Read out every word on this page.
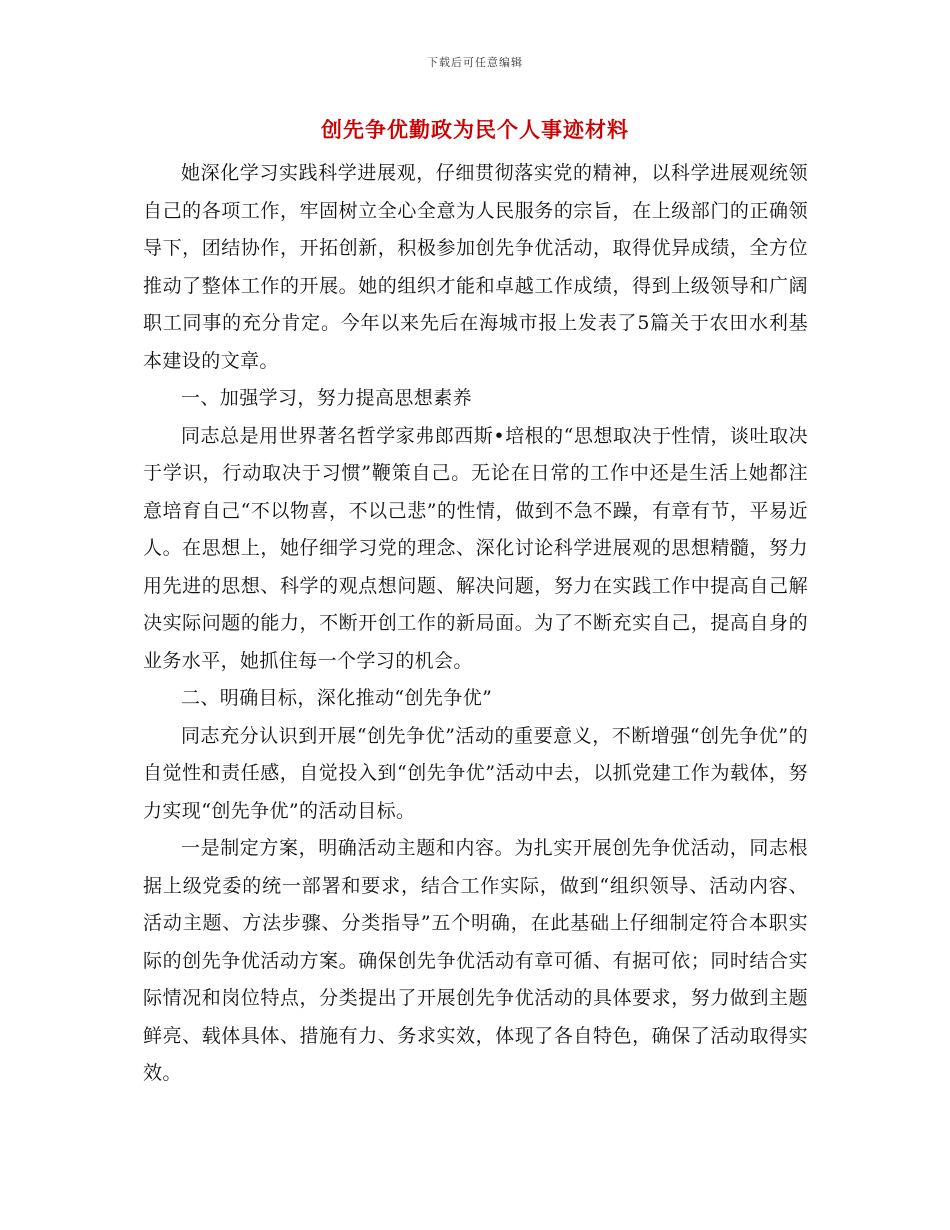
下载后可任意编辑
创先争优勤政为民个人事迹材料

她深化学习实践科学进展观，仔细贯彻落实党的精神，以科学进展观统领自己的各项工作，牢固树立全心全意为人民服务的宗旨，在上级部门的正确领导下，团结协作，开拓创新，积极参加创先争优活动，取得优异成绩，全方位推动了整体工作的开展。她的组织才能和卓越工作成绩，得到上级领导和广阔职工同事的充分肯定。今年以来先后在海城市报上发表了5篇关于农田水利基本建设的文章。

一、加强学习，努力提高思想素养

同志总是用世界著名哲学家弗郎西斯•培根的“思想取决于性情，谈吐取决于学识，行动取决于习惯”鞭策自己。无论在日常的工作中还是生活上她都注意培育自己“不以物喜，不以己悲”的性情，做到不急不躁，有章有节，平易近人。在思想上，她仔细学习党的理念、深化讨论科学进展观的思想精髓，努力用先进的思想、科学的观点想问题、解决问题，努力在实践工作中提高自己解决实际问题的能力，不断开创工作的新局面。为了不断充实自己，提高自身的业务水平，她抓住每一个学习的机会。

二、明确目标，深化推动“创先争优”

同志充分认识到开展“创先争优”活动的重要意义，不断增强“创先争优”的自觉性和责任感，自觉投入到“创先争优”活动中去，以抓党建工作为载体，努力实现“创先争优”的活动目标。

一是制定方案，明确活动主题和内容。为扎实开展创先争优活动，同志根据上级党委的统一部署和要求，结合工作实际，做到“组织领导、活动内容、活动主题、方法步骤、分类指导”五个明确，在此基础上仔细制定符合本职实际的创先争优活动方案。确保创先争优活动有章可循、有据可依；同时结合实际情况和岗位特点，分类提出了开展创先争优活动的具体要求，努力做到主题鲜亮、载体具体、措施有力、务求实效，体现了各自特色，确保了活动取得实效。
